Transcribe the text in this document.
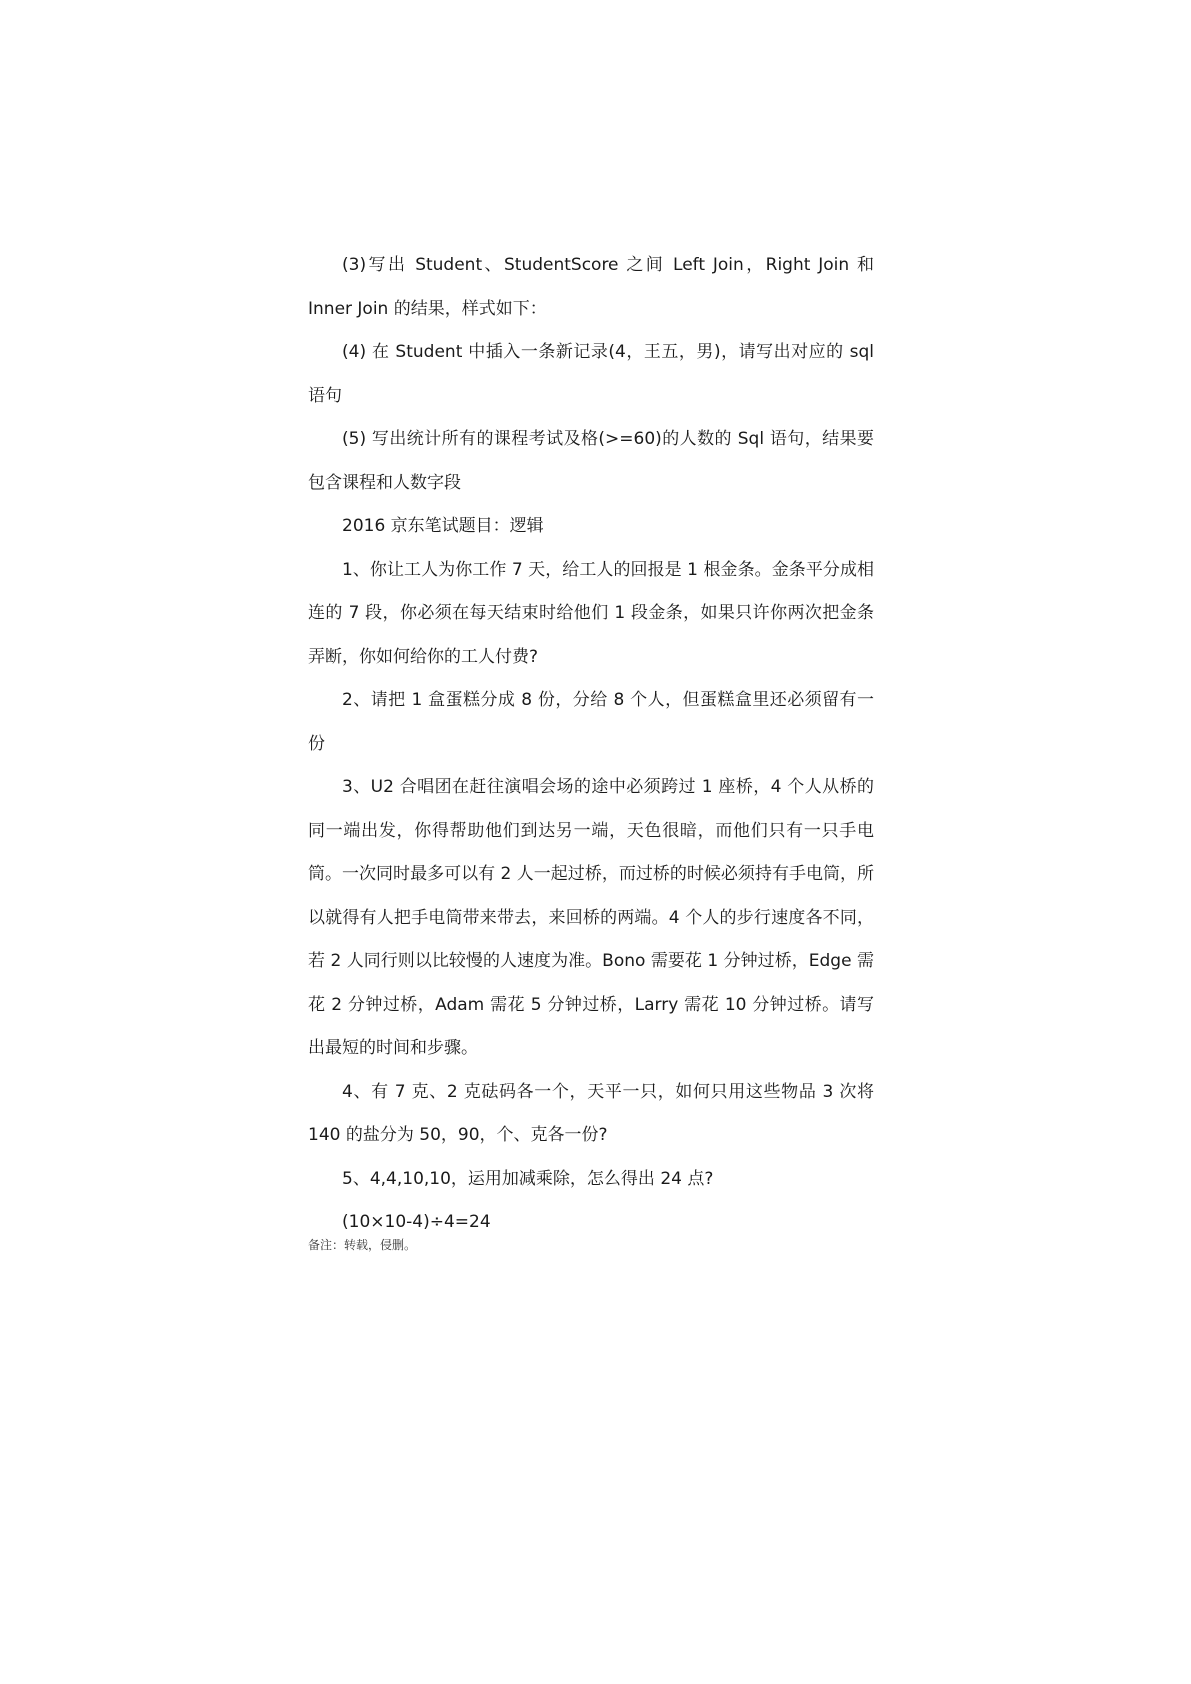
(3)写出 Student、StudentScore 之间 Left Join，Right Join 和 Inner Join 的结果，样式如下：

(4) 在 Student 中插入一条新记录(4，王五，男)，请写出对应的 sql 语句

(5) 写出统计所有的课程考试及格(>=60)的人数的 Sql 语句，结果要包含课程和人数字段

2016 京东笔试题目：逻辑

1、你让工人为你工作 7 天，给工人的回报是 1 根金条。金条平分成相连的 7 段，你必须在每天结束时给他们 1 段金条，如果只许你两次把金条弄断，你如何给你的工人付费?

2、请把 1 盒蛋糕分成 8 份，分给 8 个人，但蛋糕盒里还必须留有一份

3、U2 合唱团在赶往演唱会场的途中必须跨过 1 座桥，4 个人从桥的同一端出发，你得帮助他们到达另一端，天色很暗，而他们只有一只手电筒。一次同时最多可以有 2 人一起过桥，而过桥的时候必须持有手电筒，所以就得有人把手电筒带来带去，来回桥的两端。4 个人的步行速度各不同，若 2 人同行则以比较慢的人速度为准。Bono 需要花 1 分钟过桥，Edge 需花 2 分钟过桥，Adam 需花 5 分钟过桥，Larry 需花 10 分钟过桥。请写出最短的时间和步骤。

4、有 7 克、2 克砝码各一个，天平一只，如何只用这些物品 3 次将 140 的盐分为 50，90，个、克各一份?

5、4,4,10,10，运用加减乘除，怎么得出 24 点?

(10×10-4)÷4=24

备注：转载，侵删。
